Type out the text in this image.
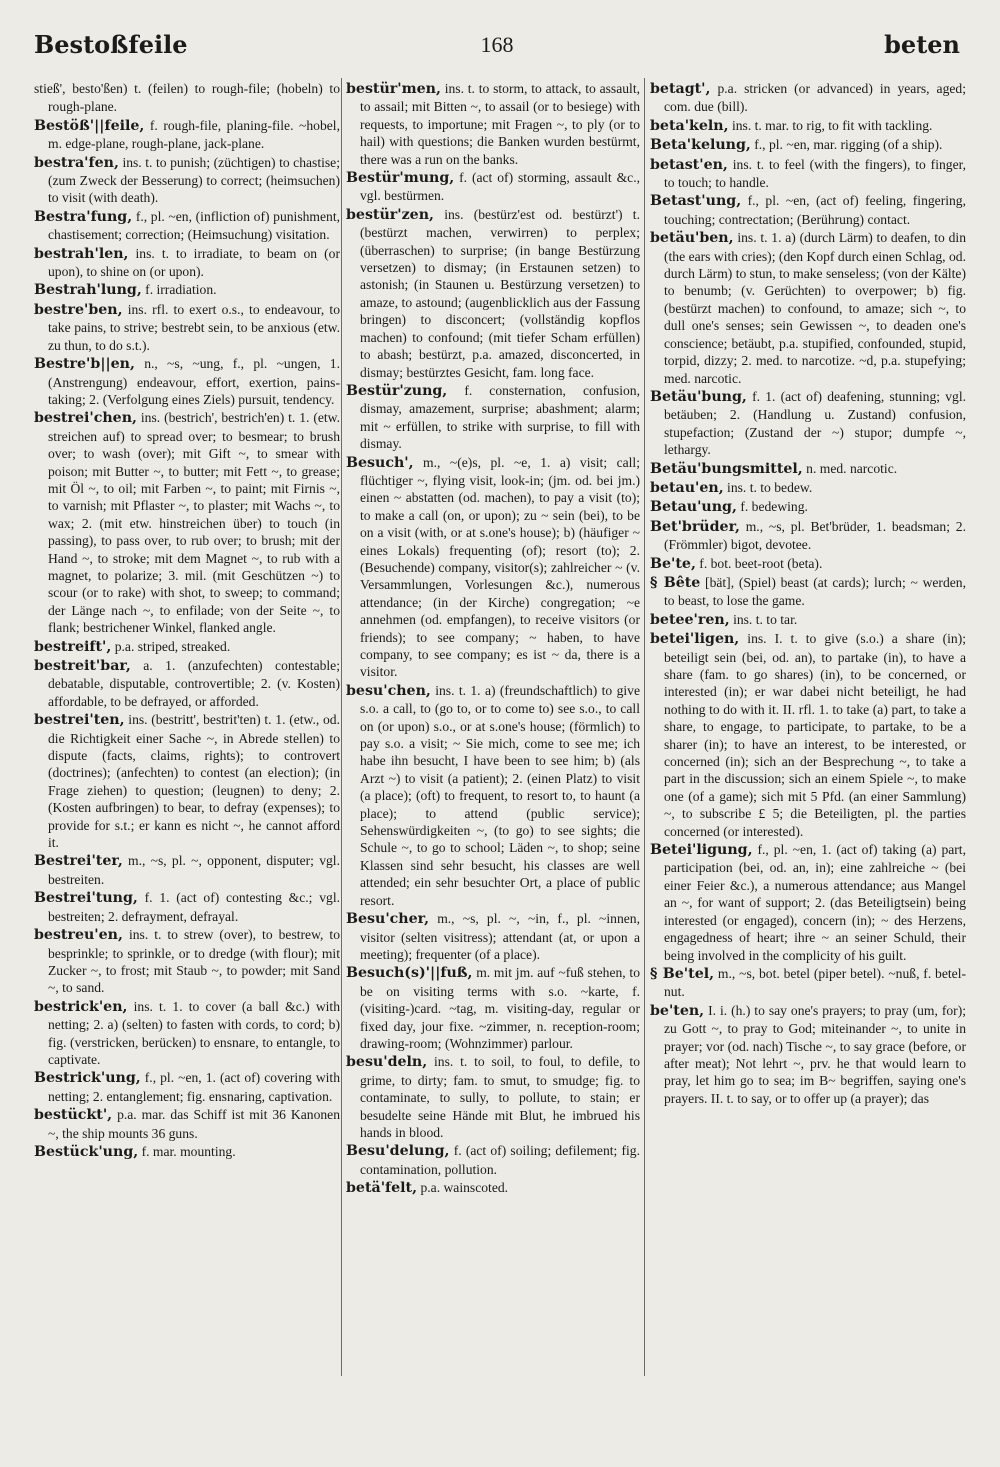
Bestoßfeile	168	beten

stieß', besto'ßen) t. (feilen) to rough-file; (hobeln) to rough-plane.

Bestöß'||feile, f. rough-file, planing-file. ~hobel, m. edge-plane, rough-plane, jack-plane.

bestra'fen, ins. t. to punish; (züchtigen) to chastise; (zum Zweck der Besserung) to correct; (heimsuchen) to visit (with death).

Bestra'fung, f., pl. ~en, (infliction of) punishment, chastisement; correction; (Heimsuchung) visitation.

bestrah'len, ins. t. to irradiate, to beam on (or upon), to shine on (or upon).

Bestrah'lung, f. irradiation.

bestre'ben, ins. rfl. to exert o.s., to endeavour, to take pains, to strive; bestrebt sein, to be anxious (etw. zu thun, to do s.t.).

Bestre'b||en, n., ~s, ~ung, f., pl. ~ungen, 1. (Anstrengung) endeavour, effort, exertion, pains-taking; 2. (Verfolgung eines Ziels) pursuit, tendency.

bestrei'chen, ins. (bestrich', bestrich'en) t. 1. (etw. streichen auf) to spread over; to besmear; to brush over; to wash (over); mit Gift ~, to smear with poison; mit Butter ~, to butter; mit Fett ~, to grease; mit Öl ~, to oil; mit Farben ~, to paint; mit Firnis ~, to varnish; mit Pflaster ~, to plaster; mit Wachs ~, to wax; 2. (mit etw. hinstreichen über) to touch (in passing), to pass over, to rub over; to brush; mit der Hand ~, to stroke; mit dem Magnet ~, to rub with a magnet, to polarize; 3. mil. (mit Geschützen ~) to scour (or to rake) with shot, to sweep; to command; der Länge nach ~, to enfilade; von der Seite ~, to flank; bestrichener Winkel, flanked angle.

bestreift', p.a. striped, streaked.

bestreit'bar, a. 1. (anzufechten) contestable; debatable, disputable, controvertible; 2. (v. Kosten) affordable, to be defrayed, or afforded.

bestrei'ten, ins. (bestritt', bestrit'ten) t. 1. (etw., od. die Richtigkeit einer Sache ~, in Abrede stellen) to dispute (facts, claims, rights); to controvert (doctrines); (anfechten) to contest (an election); (in Frage ziehen) to question; (leugnen) to deny; 2. (Kosten aufbringen) to bear, to defray (expenses); to provide for s.t.; er kann es nicht ~, he cannot afford it.

Bestrei'ter, m., ~s, pl. ~, opponent, disputer; vgl. bestreiten.

Bestrei'tung, f. 1. (act of) contesting &c.; vgl. bestreiten; 2. defrayment, defrayal.

bestreu'en, ins. t. to strew (over), to bestrew, to besprinkle; to sprinkle, or to dredge (with flour); mit Zucker ~, to frost; mit Staub ~, to powder; mit Sand ~, to sand.

bestrick'en, ins. t. 1. to cover (a ball &c.) with netting; 2. a) (selten) to fasten with cords, to cord; b) fig. (verstricken, berücken) to ensnare, to entangle, to captivate.

Bestrick'ung, f., pl. ~en, 1. (act of) covering with netting; 2. entanglement; fig. ensnaring, captivation.

bestückt', p.a. mar. das Schiff ist mit 36 Kanonen ~, the ship mounts 36 guns.

Bestück'ung, f. mar. mounting.

bestür'men, ins. t. to storm, to attack, to assault, to assail; mit Bitten ~, to assail (or to besiege) with requests, to importune; mit Fragen ~, to ply (or to hail) with questions; die Banken wurden bestürmt, there was a run on the banks.

Bestür'mung, f. (act of) storming, assault &c., vgl. bestürmen.

bestür'zen, ins. (bestürz'est od. bestürzt') t. (bestürzt machen, verwirren) to perplex; (überraschen) to surprise; (in bange Bestürzung versetzen) to dismay; (in Erstaunen setzen) to astonish; (in Staunen u. Bestürzung versetzen) to amaze, to astound; (augenblicklich aus der Fassung bringen) to disconcert; (vollständig kopflos machen) to confound; (mit tiefer Scham erfüllen) to abash; bestürzt, p.a. amazed, disconcerted, in dismay; bestürztes Gesicht, fam. long face.

Bestür'zung, f. consternation, confusion, dismay, amazement, surprise; abashment; alarm; mit ~ erfüllen, to strike with surprise, to fill with dismay.

Besuch', m., ~(e)s, pl. ~e, 1. a) visit; call; flüchtiger ~, flying visit, look-in; (jm. od. bei jm.) einen ~ abstatten (od. machen), to pay a visit (to); to make a call (on, or upon); zu ~ sein (bei), to be on a visit (with, or at s.one's house); b) (häufiger ~ eines Lokals) frequenting (of); resort (to); 2. (Besuchende) company, visitor(s); zahlreicher ~ (v. Versammlungen, Vorlesungen &c.), numerous attendance; (in der Kirche) congregation; ~e annehmen (od. empfangen), to receive visitors (or friends); to see company; ~ haben, to have company, to see company; es ist ~ da, there is a visitor.

besu'chen, ins. t. 1. a) (freundschaftlich) to give s.o. a call, to (go to, or to come to) see s.o., to call on (or upon) s.o., or at s.one's house; (förmlich) to pay s.o. a visit; ~ Sie mich, come to see me; ich habe ihn besucht, I have been to see him; b) (als Arzt ~) to visit (a patient); 2. (einen Platz) to visit (a place); (oft) to frequent, to resort to, to haunt (a place); to attend (public service); Sehenswürdigkeiten ~, (to go) to see sights; die Schule ~, to go to school; Läden ~, to shop; seine Klassen sind sehr besucht, his classes are well attended; ein sehr besuchter Ort, a place of public resort.

Besu'cher, m., ~s, pl. ~, ~in, f., pl. ~innen, visitor (selten visitress); attendant (at, or upon a meeting); frequenter (of a place).

Besuch(s)'||fuß, m. mit jm. auf ~fuß stehen, to be on visiting terms with s.o. ~karte, f. (visiting-)card. ~tag, m. visiting-day, regular or fixed day, jour fixe. ~zimmer, n. reception-room; drawing-room; (Wohnzimmer) parlour.

besu'deln, ins. t. to soil, to foul, to defile, to grime, to dirty; fam. to smut, to smudge; fig. to contaminate, to sully, to pollute, to stain; er besudelte seine Hände mit Blut, he imbrued his hands in blood.

Besu'delung, f. (act of) soiling; defilement; fig. contamination, pollution.

betä'felt, p.a. wainscoted.

betagt', p.a. stricken (or advanced) in years, aged; com. due (bill).

beta'keln, ins. t. mar. to rig, to fit with tackling.

Beta'kelung, f., pl. ~en, mar. rigging (of a ship).

betast'en, ins. t. to feel (with the fingers), to finger, to touch; to handle.

Betast'ung, f., pl. ~en, (act of) feeling, fingering, touching; contrectation; (Berührung) contact.

betäu'ben, ins. t. 1. a) (durch Lärm) to deafen, to din (the ears with cries); (den Kopf durch einen Schlag, od. durch Lärm) to stun, to make senseless; (von der Kälte) to benumb; (v. Gerüchten) to overpower; b) fig. (bestürzt machen) to confound, to amaze; sich ~, to dull one's senses; sein Gewissen ~, to deaden one's conscience; betäubt, p.a. stupified, confounded, stupid, torpid, dizzy; 2. med. to narcotize. ~d, p.a. stupefying; med. narcotic.

Betäu'bung, f. 1. (act of) deafening, stunning; vgl. betäuben; 2. (Handlung u. Zustand) confusion, stupefaction; (Zustand der ~) stupor; dumpfe ~, lethargy.

Betäu'bungsmittel, n. med. narcotic.

betau'en, ins. t. to bedew.

Betau'ung, f. bedewing.

Bet'brüder, m., ~s, pl. Bet'brüder, 1. beadsman; 2. (Frömmler) bigot, devotee.

Be'te, f. bot. beet-root (beta).

§ Bête [bät], (Spiel) beast (at cards); lurch; ~ werden, to beast, to lose the game.

betee'ren, ins. t. to tar.

betei'ligen, ins. I. t. to give (s.o.) a share (in); beteiligt sein (bei, od. an), to partake (in), to have a share (fam. to go shares) (in), to be concerned, or interested (in); er war dabei nicht beteiligt, he had nothing to do with it. II. rfl. 1. to take (a) part, to take a share, to engage, to participate, to partake, to be a sharer (in); to have an interest, to be interested, or concerned (in); sich an der Besprechung ~, to take a part in the discussion; sich an einem Spiele ~, to make one (of a game); sich mit 5 Pfd. (an einer Sammlung) ~, to subscribe £ 5; die Beteiligten, pl. the parties concerned (or interested).

Betei'ligung, f., pl. ~en, 1. (act of) taking (a) part, participation (bei, od. an, in); eine zahlreiche ~ (bei einer Feier &c.), a numerous attendance; aus Mangel an ~, for want of support; 2. (das Beteiligtsein) being interested (or engaged), concern (in); ~ des Herzens, engagedness of heart; ihre ~ an seiner Schuld, their being involved in the complicity of his guilt.

§ Be'tel, m., ~s, bot. betel (piper betel). ~nuß, f. betel-nut.

be'ten, I. i. (h.) to say one's prayers; to pray (um, for); zu Gott ~, to pray to God; miteinander ~, to unite in prayer; vor (od. nach) Tische ~, to say grace (before, or after meat); Not lehrt ~, prv. he that would learn to pray, let him go to sea; im B~ begriffen, saying one's prayers. II. t. to say, or to offer up (a prayer); das
